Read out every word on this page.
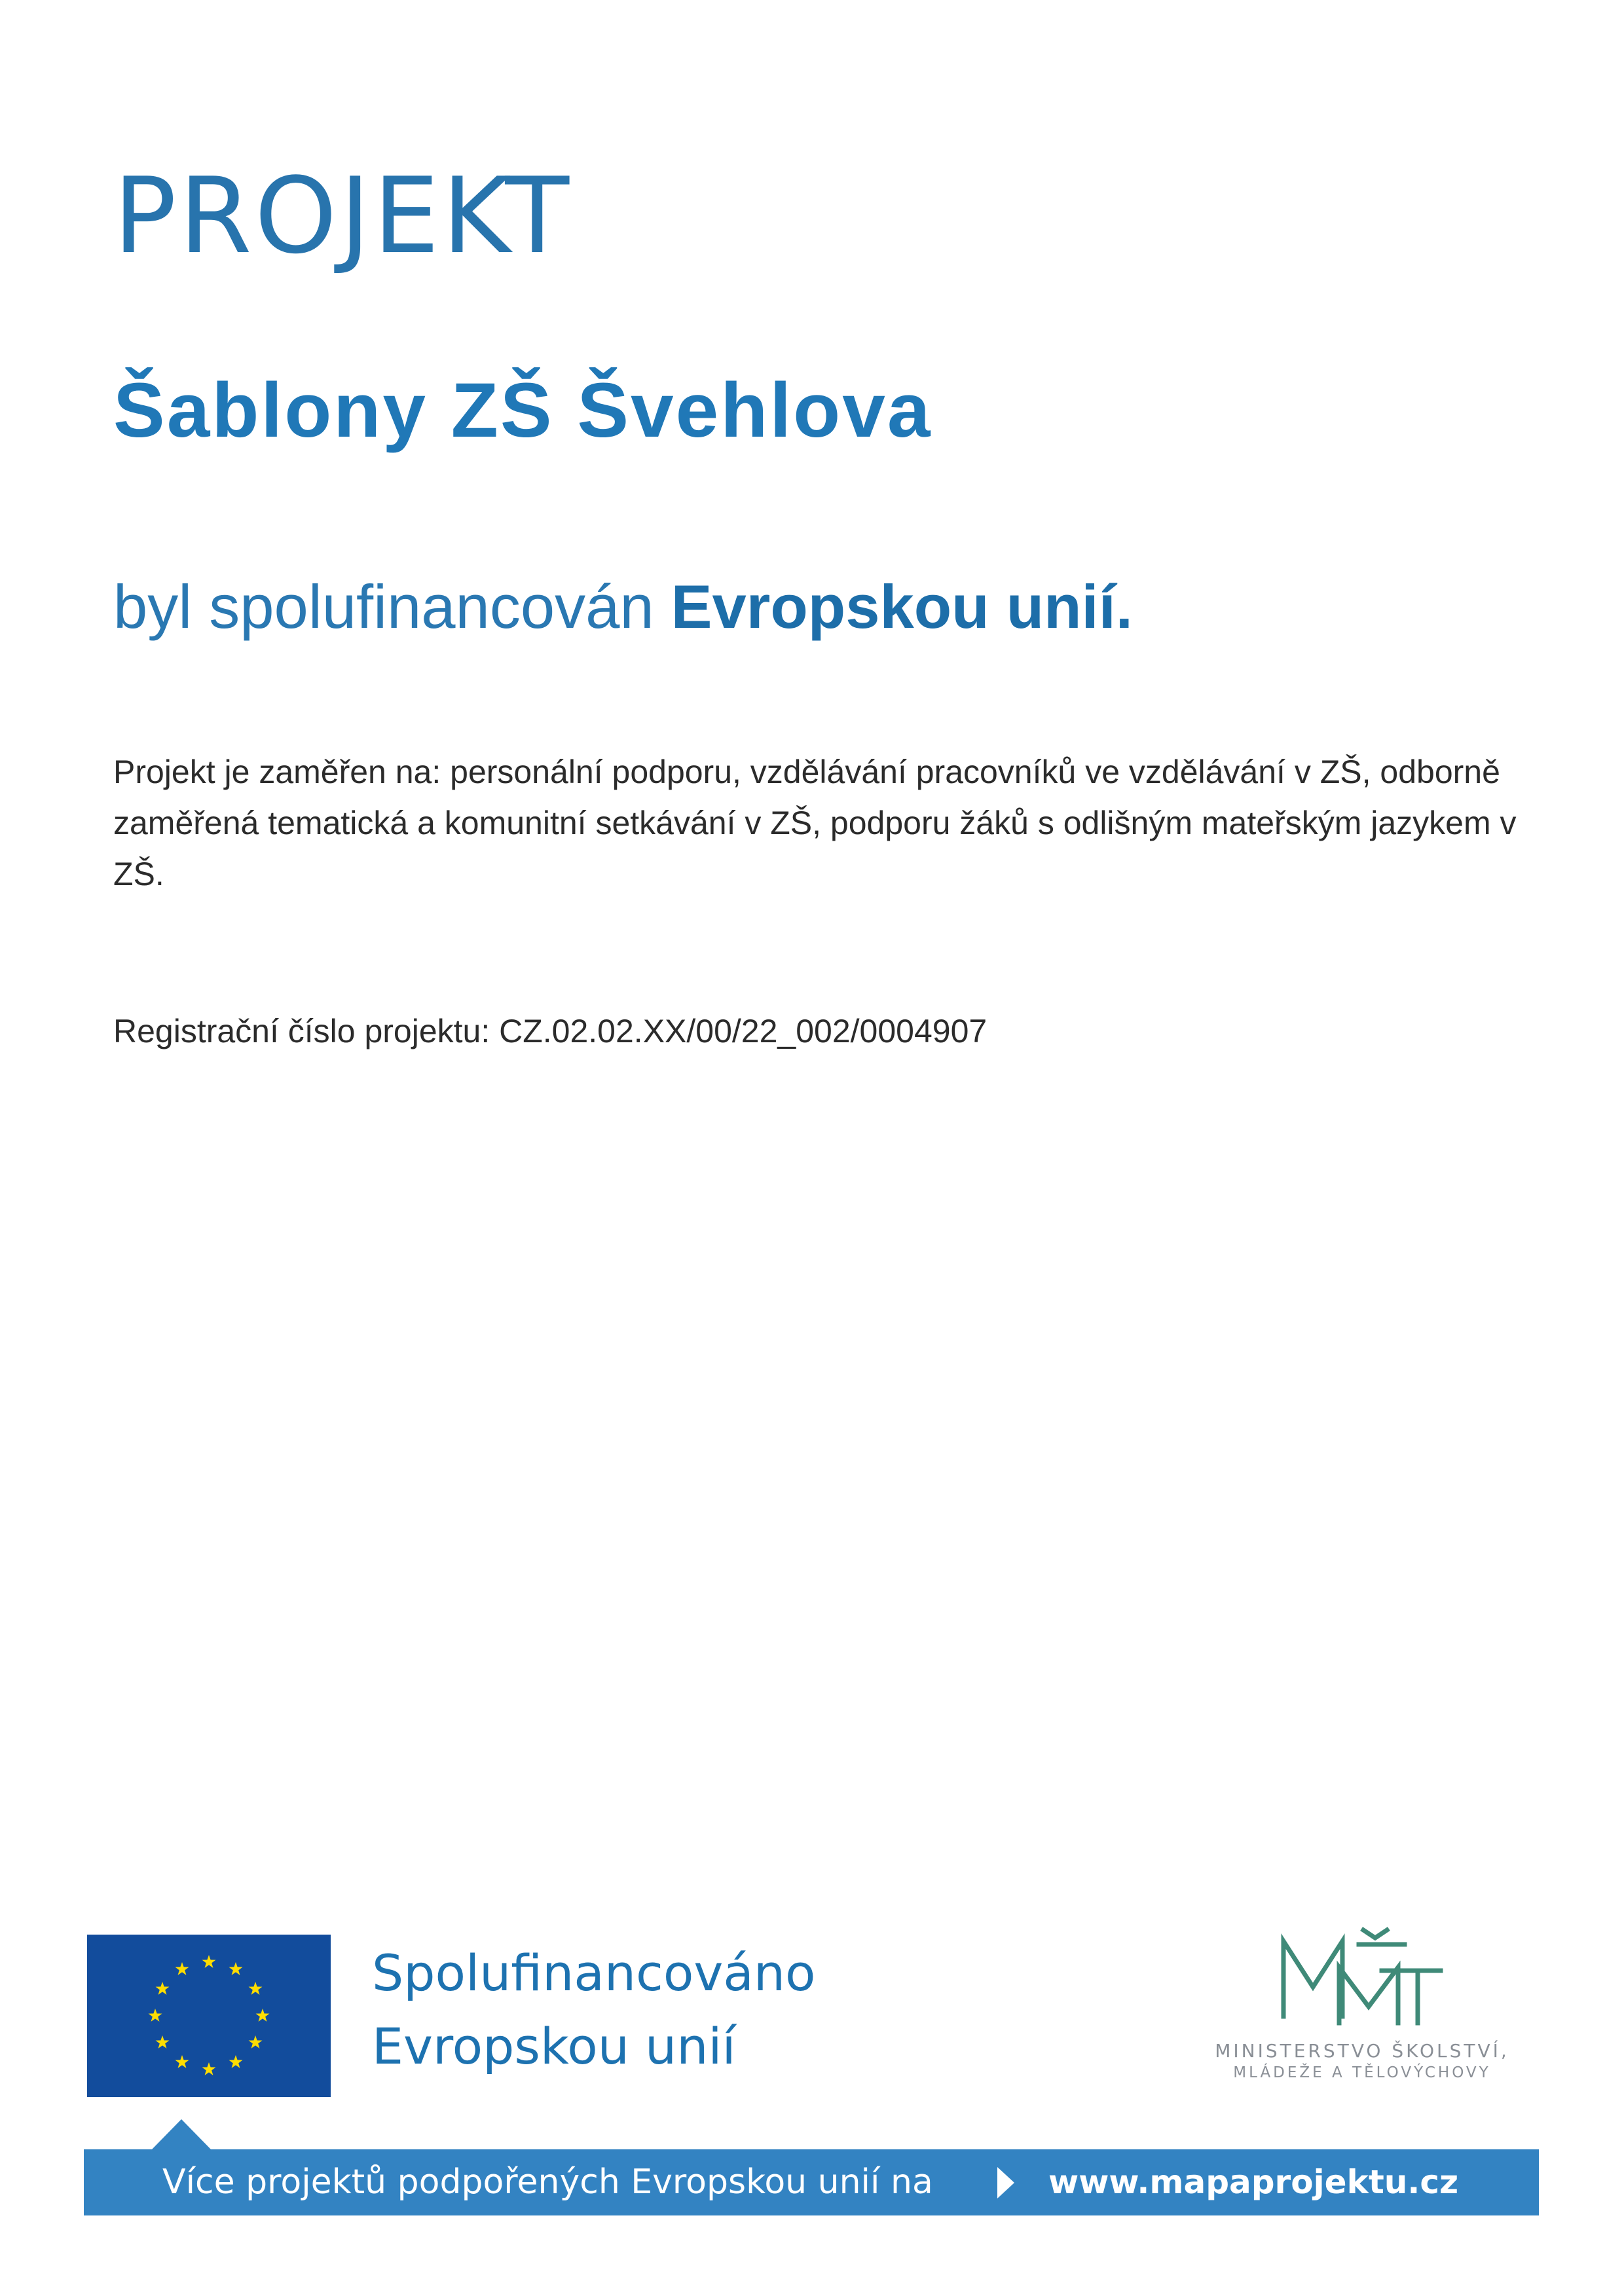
PROJEKT
Šablony ZŠ Švehlova

byl spolufinancován Evropskou unií.

Projekt je zaměřen na: personální podporu, vzdělávání pracovníků ve vzdělávání v ZŠ, odborně zaměřená tematická a komunitní setkávání v ZŠ, podporu žáků s odlišným mateřským jazykem v ZŠ.

Registrační číslo projektu: CZ.02.02.XX/00/22_002/0004907

Spolufinancováno
Evropskou unií	MINISTERSTVO ŠKOLSTVÍ,
MLÁDEŽE A TĚLOVÝCHOVY
Více projektů podpořených Evropskou unií na	www.mapaprojektu.cz
